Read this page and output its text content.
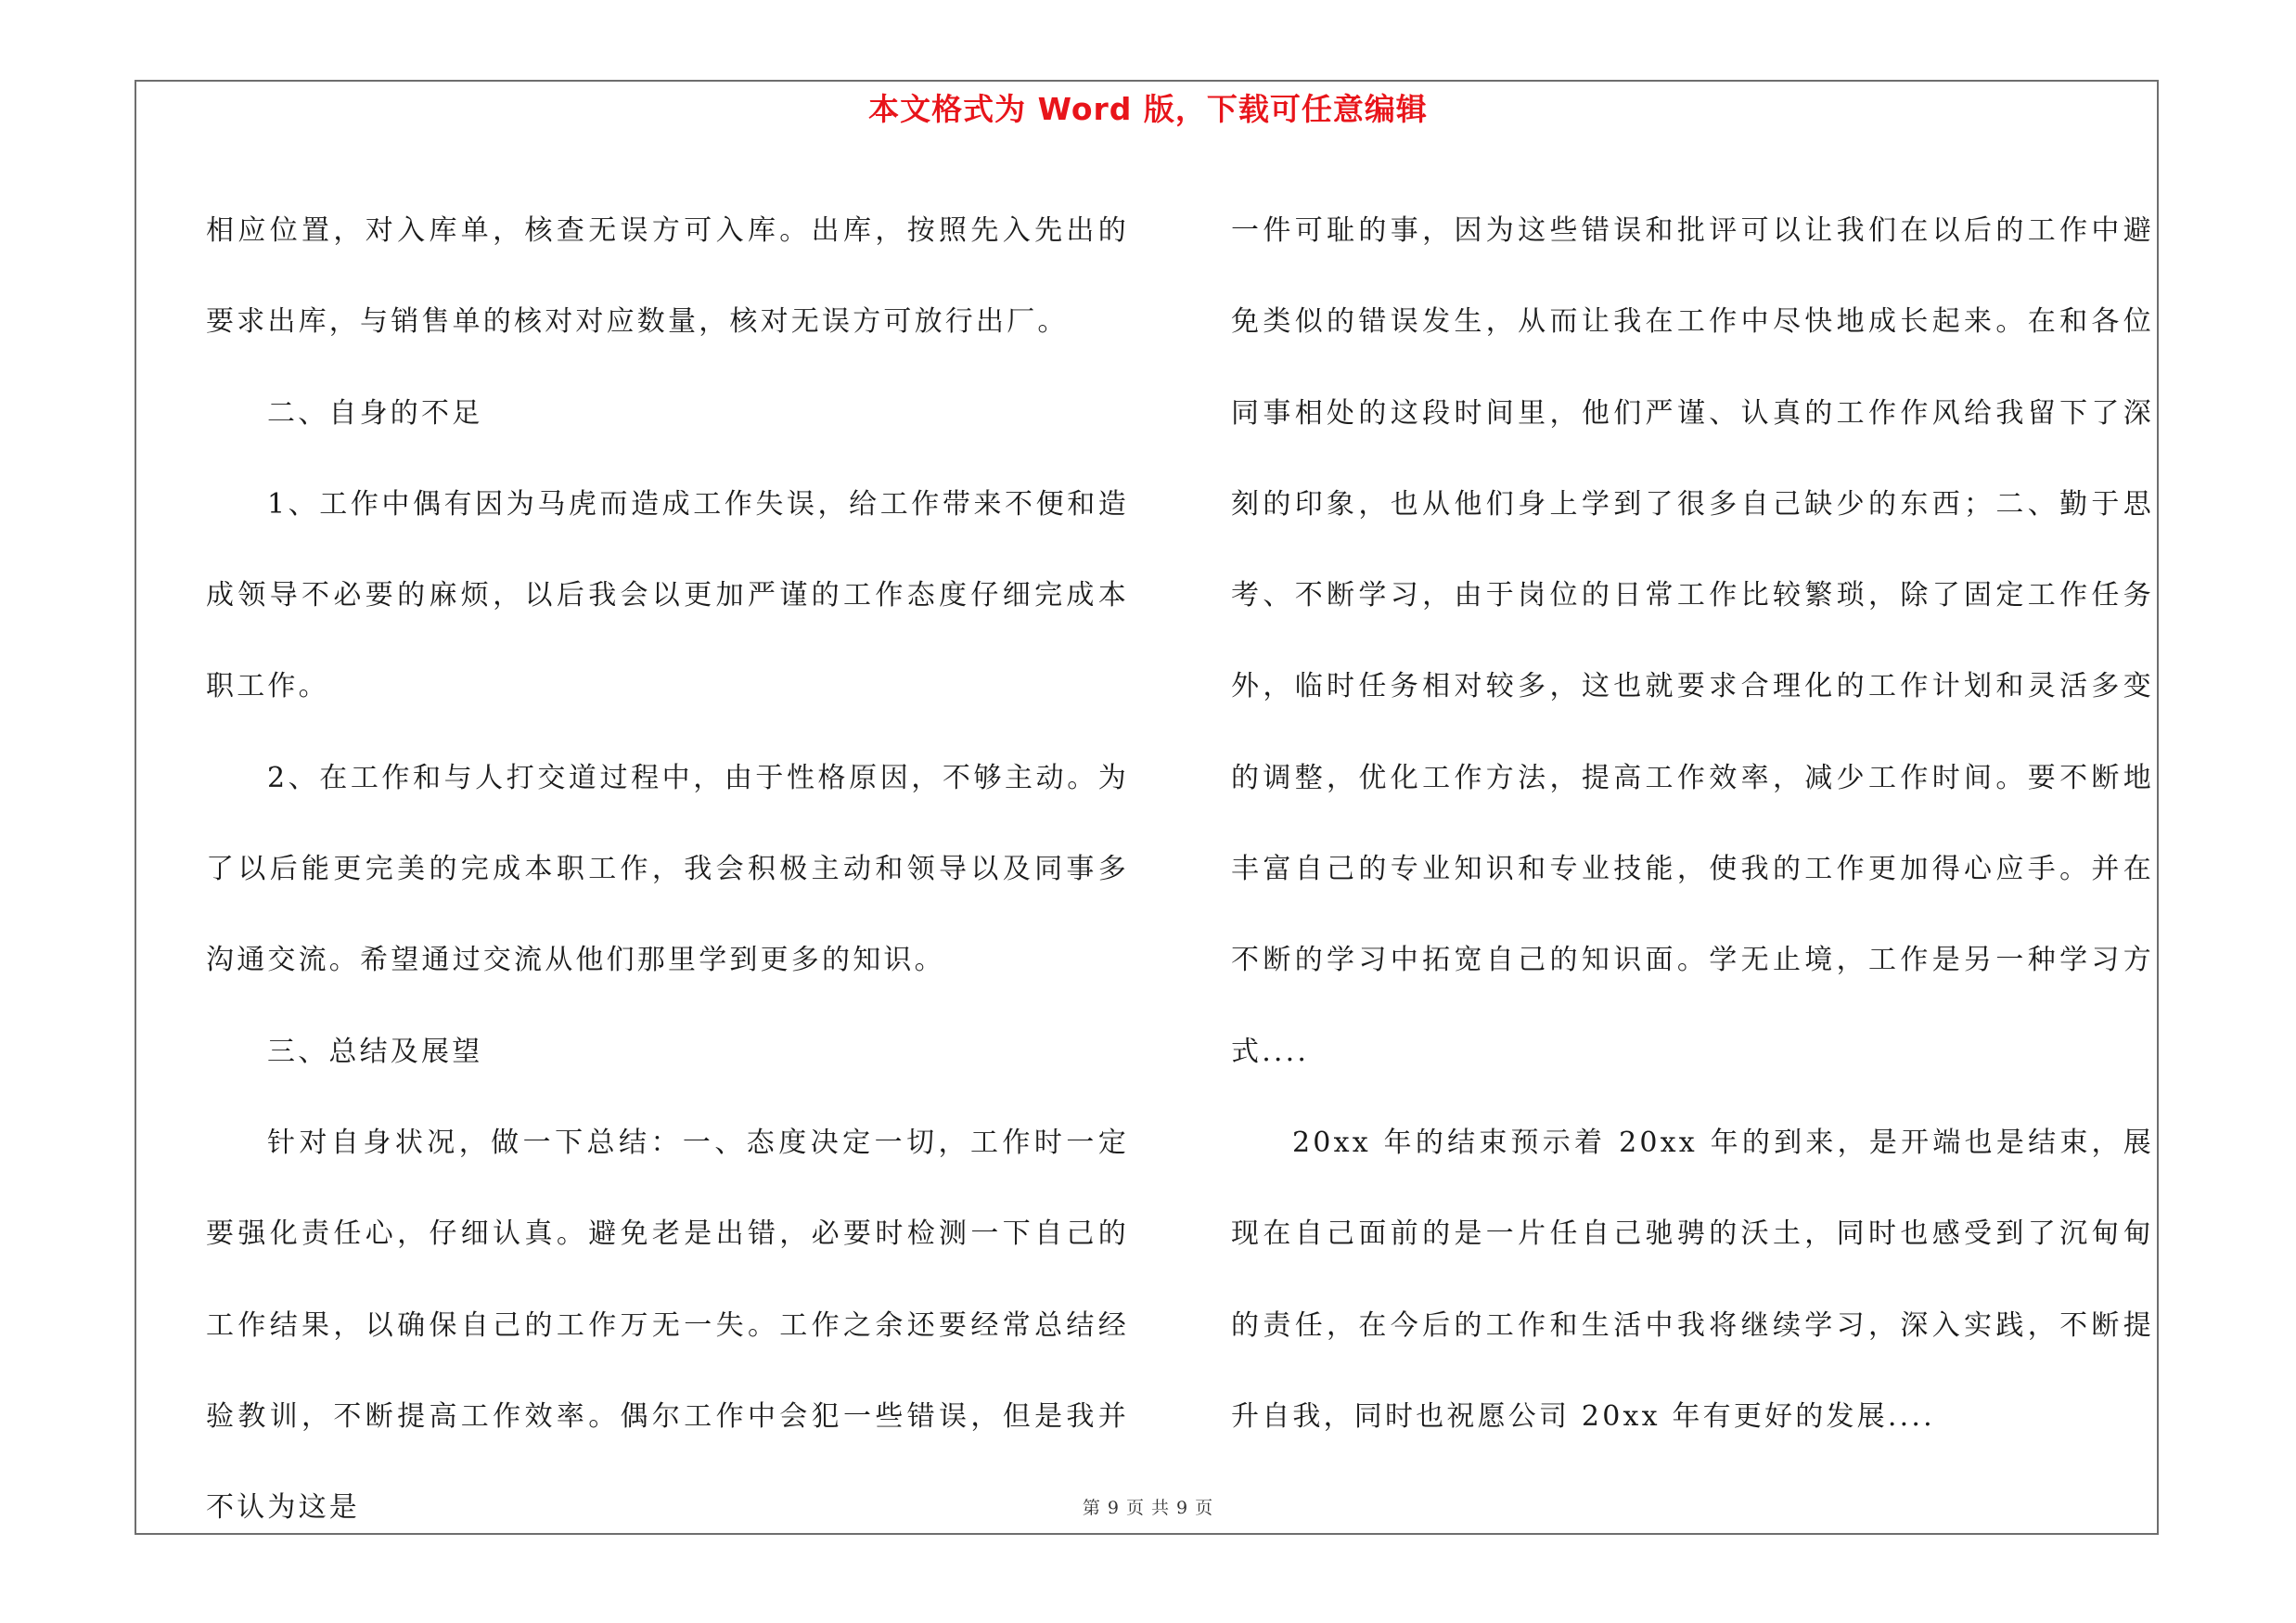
本文格式为 Word 版，下载可任意编辑

相应位置，对入库单，核查无误方可入库。出库，按照先入先出的要求出库，与销售单的核对对应数量，核对无误方可放行出厂。

二、自身的不足

1、工作中偶有因为马虎而造成工作失误，给工作带来不便和造成领导不必要的麻烦，以后我会以更加严谨的工作态度仔细完成本职工作。

2、在工作和与人打交道过程中，由于性格原因，不够主动。为了以后能更完美的完成本职工作，我会积极主动和领导以及同事多沟通交流。希望通过交流从他们那里学到更多的知识。

三、总结及展望

针对自身状况，做一下总结：一、态度决定一切，工作时一定要强化责任心，仔细认真。避免老是出错，必要时检测一下自己的工作结果，以确保自己的工作万无一失。工作之余还要经常总结经验教训，不断提高工作效率。偶尔工作中会犯一些错误，但是我并不认为这是

一件可耻的事，因为这些错误和批评可以让我们在以后的工作中避免类似的错误发生，从而让我在工作中尽快地成长起来。在和各位同事相处的这段时间里，他们严谨、认真的工作作风给我留下了深刻的印象，也从他们身上学到了很多自己缺少的东西；二、勤于思考、不断学习，由于岗位的日常工作比较繁琐，除了固定工作任务外，临时任务相对较多，这也就要求合理化的工作计划和灵活多变的调整，优化工作方法，提高工作效率，减少工作时间。要不断地丰富自己的专业知识和专业技能，使我的工作更加得心应手。并在不断的学习中拓宽自己的知识面。学无止境，工作是另一种学习方式....

20xx 年的结束预示着 20xx 年的到来，是开端也是结束，展现在自己面前的是一片任自己驰骋的沃土，同时也感受到了沉甸甸的责任，在今后的工作和生活中我将继续学习，深入实践，不断提升自我，同时也祝愿公司 20xx 年有更好的发展....

第 9 页 共 9 页
